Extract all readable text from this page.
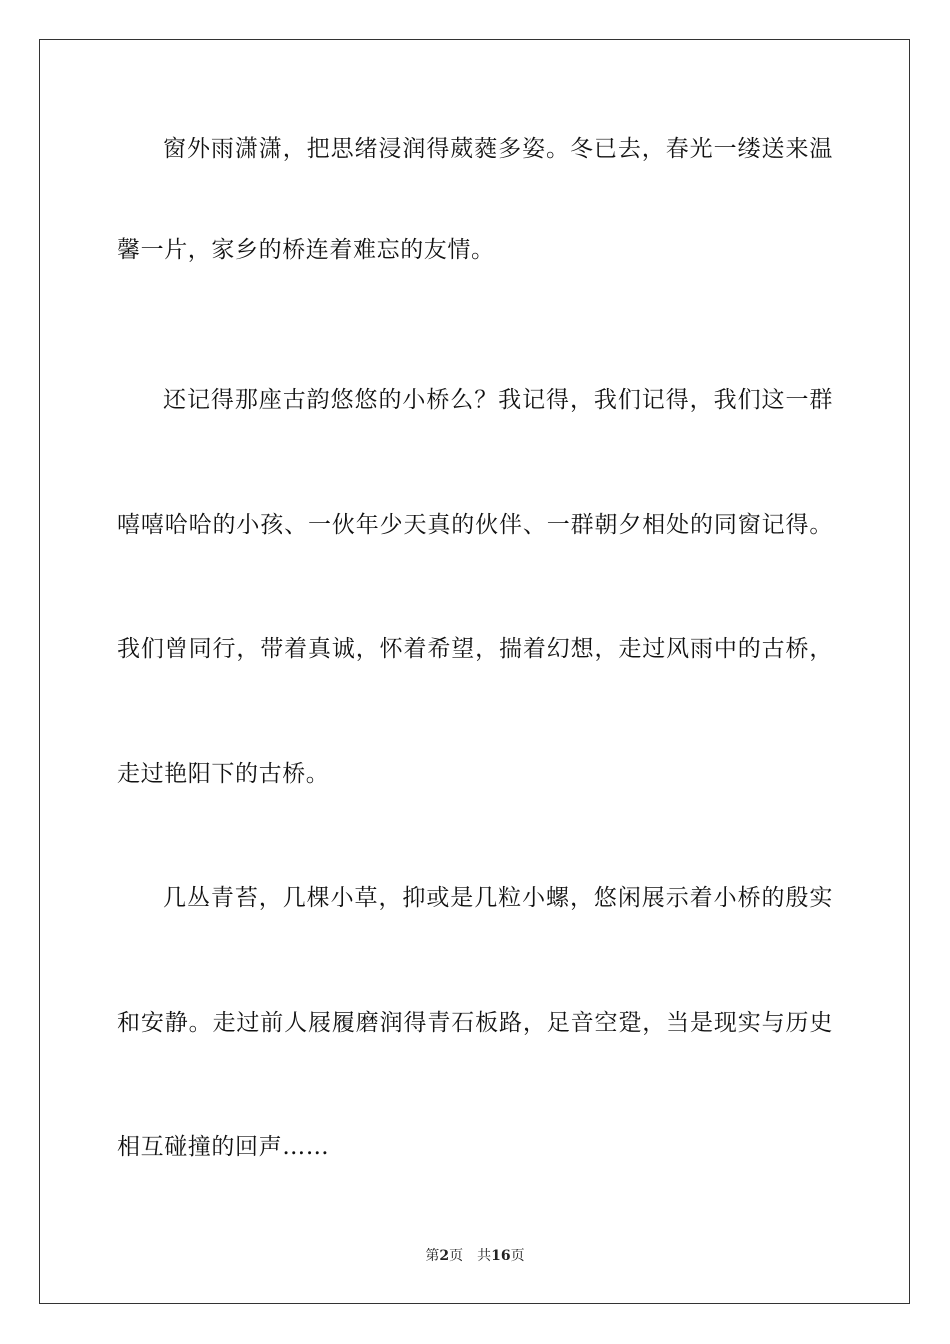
窗外雨潇潇，把思绪浸润得葳蕤多姿。冬已去，春光一缕送来温
馨一片，家乡的桥连着难忘的友情。
还记得那座古韵悠悠的小桥么？我记得，我们记得，我们这一群
嘻嘻哈哈的小孩、一伙年少天真的伙伴、一群朝夕相处的同窗记得。
我们曾同行，带着真诚，怀着希望，揣着幻想，走过风雨中的古桥，
走过艳阳下的古桥。
几丛青苔，几棵小草，抑或是几粒小螺，悠闲展示着小桥的殷实
和安静。走过前人屐履磨润得青石板路，足音空跫，当是现实与历史
相互碰撞的回声……
第2页 共16页
